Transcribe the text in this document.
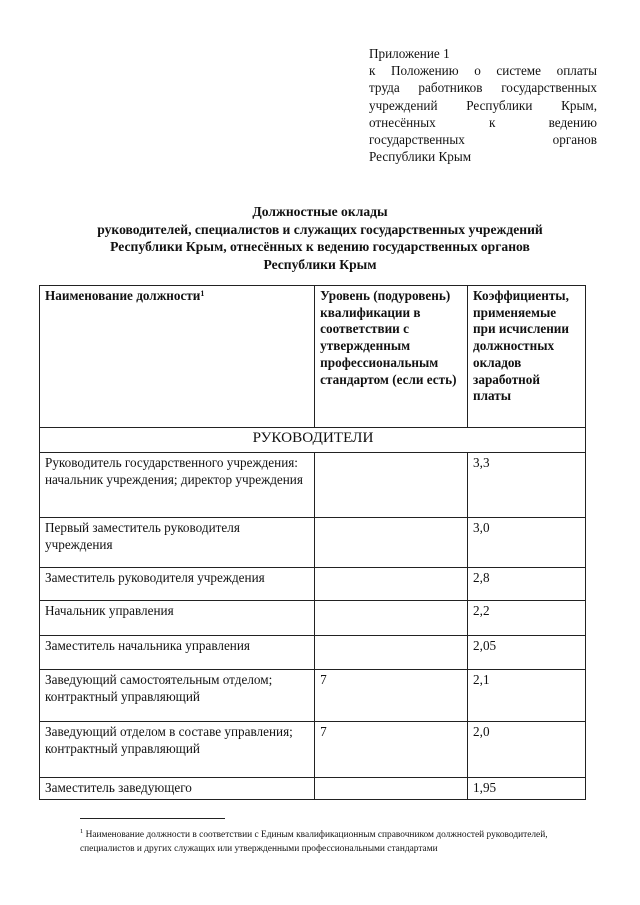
Приложение 1
к Положению о системе оплаты
труда работников государственных
учреждений Республики Крым,
отнесённых к ведению
государственных органов
Республики Крым
Должностные оклады
руководителей, специалистов и служащих государственных учреждений
Республики Крым, отнесённых к ведению государственных органов
Республики Крым
Наименование должности$^1$	Уровень (подуровень) квалификации в соответствии с утвержденным профессиональным стандартом (если есть)	Коэффициенты, применяемые при исчислении должностных окладов заработной платы
РУКОВОДИТЕЛИ		
Руководитель государственного учреждения: начальник учреждения; директор учреждения		3,3
Первый заместитель руководителя учреждения		3,0
Заместитель руководителя учреждения		2,8
Начальник управления		2,2
Заместитель начальника управления		2,05
Заведующий самостоятельным отделом; контрактный управляющий	7	2,1
Заведующий отделом в составе управления; контрактный управляющий	7	2,0
Заместитель заведующего		1,95
$^1$ Наименование должности в соответствии с Единым квалификационным справочником должностей руководителей, специалистов и других служащих или утвержденными профессиональными стандартами
